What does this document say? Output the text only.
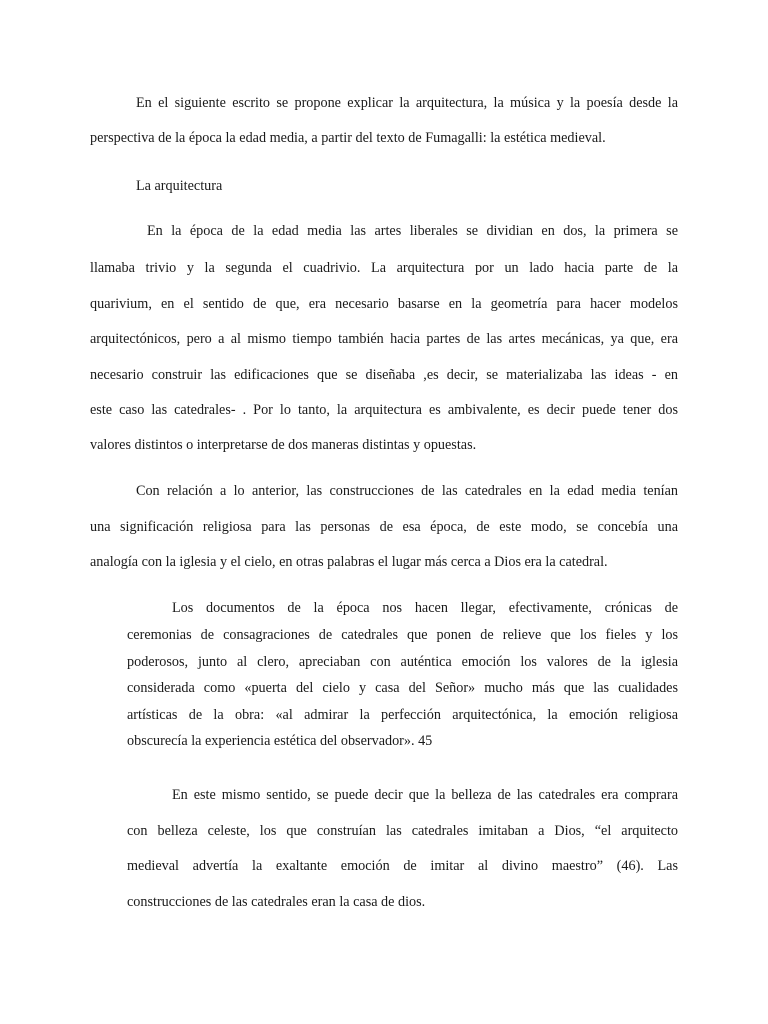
En el siguiente escrito se propone explicar la arquitectura, la música y la poesía desde la

perspectiva de la época la edad media, a partir del texto de Fumagalli: la estética medieval.

La arquitectura

En la época de la edad media las artes liberales se dividian en dos, la primera se

llamaba trivio y la segunda el cuadrivio. La arquitectura por un lado hacia parte de la

quarivium, en el sentido de que, era necesario basarse en la geometría para hacer modelos

arquitectónicos, pero a al mismo tiempo también hacia partes de las artes mecánicas, ya que, era

necesario construir las edificaciones que se diseñaba ,es decir, se materializaba las ideas - en

este caso las catedrales- . Por lo tanto, la arquitectura es ambivalente, es decir puede tener dos

valores distintos o interpretarse de dos maneras distintas y opuestas.

Con relación a lo anterior, las construcciones de las catedrales en la edad media tenían

una significación religiosa para las personas de esa época, de este modo, se concebía una

analogía con la iglesia y el cielo, en otras palabras el lugar más cerca a Dios era la catedral.

Los documentos de la época nos hacen llegar, efectivamente, crónicas de

ceremonias de consagraciones de catedrales que ponen de relieve que los fieles y los

poderosos, junto al clero, apreciaban con auténtica emoción los valores de la iglesia

considerada como «puerta del cielo y casa del Señor» mucho más que las cualidades

artísticas de la obra: «al admirar la perfección arquitectónica, la emoción religiosa

obscurecía la experiencia estética del observador». 45

En este mismo sentido, se puede decir que la belleza de las catedrales era comprara

con belleza celeste, los que construían las catedrales imitaban a Dios, “el arquitecto

medieval advertía la exaltante emoción de imitar al divino maestro” (46). Las

construcciones de las catedrales eran la casa de dios.
